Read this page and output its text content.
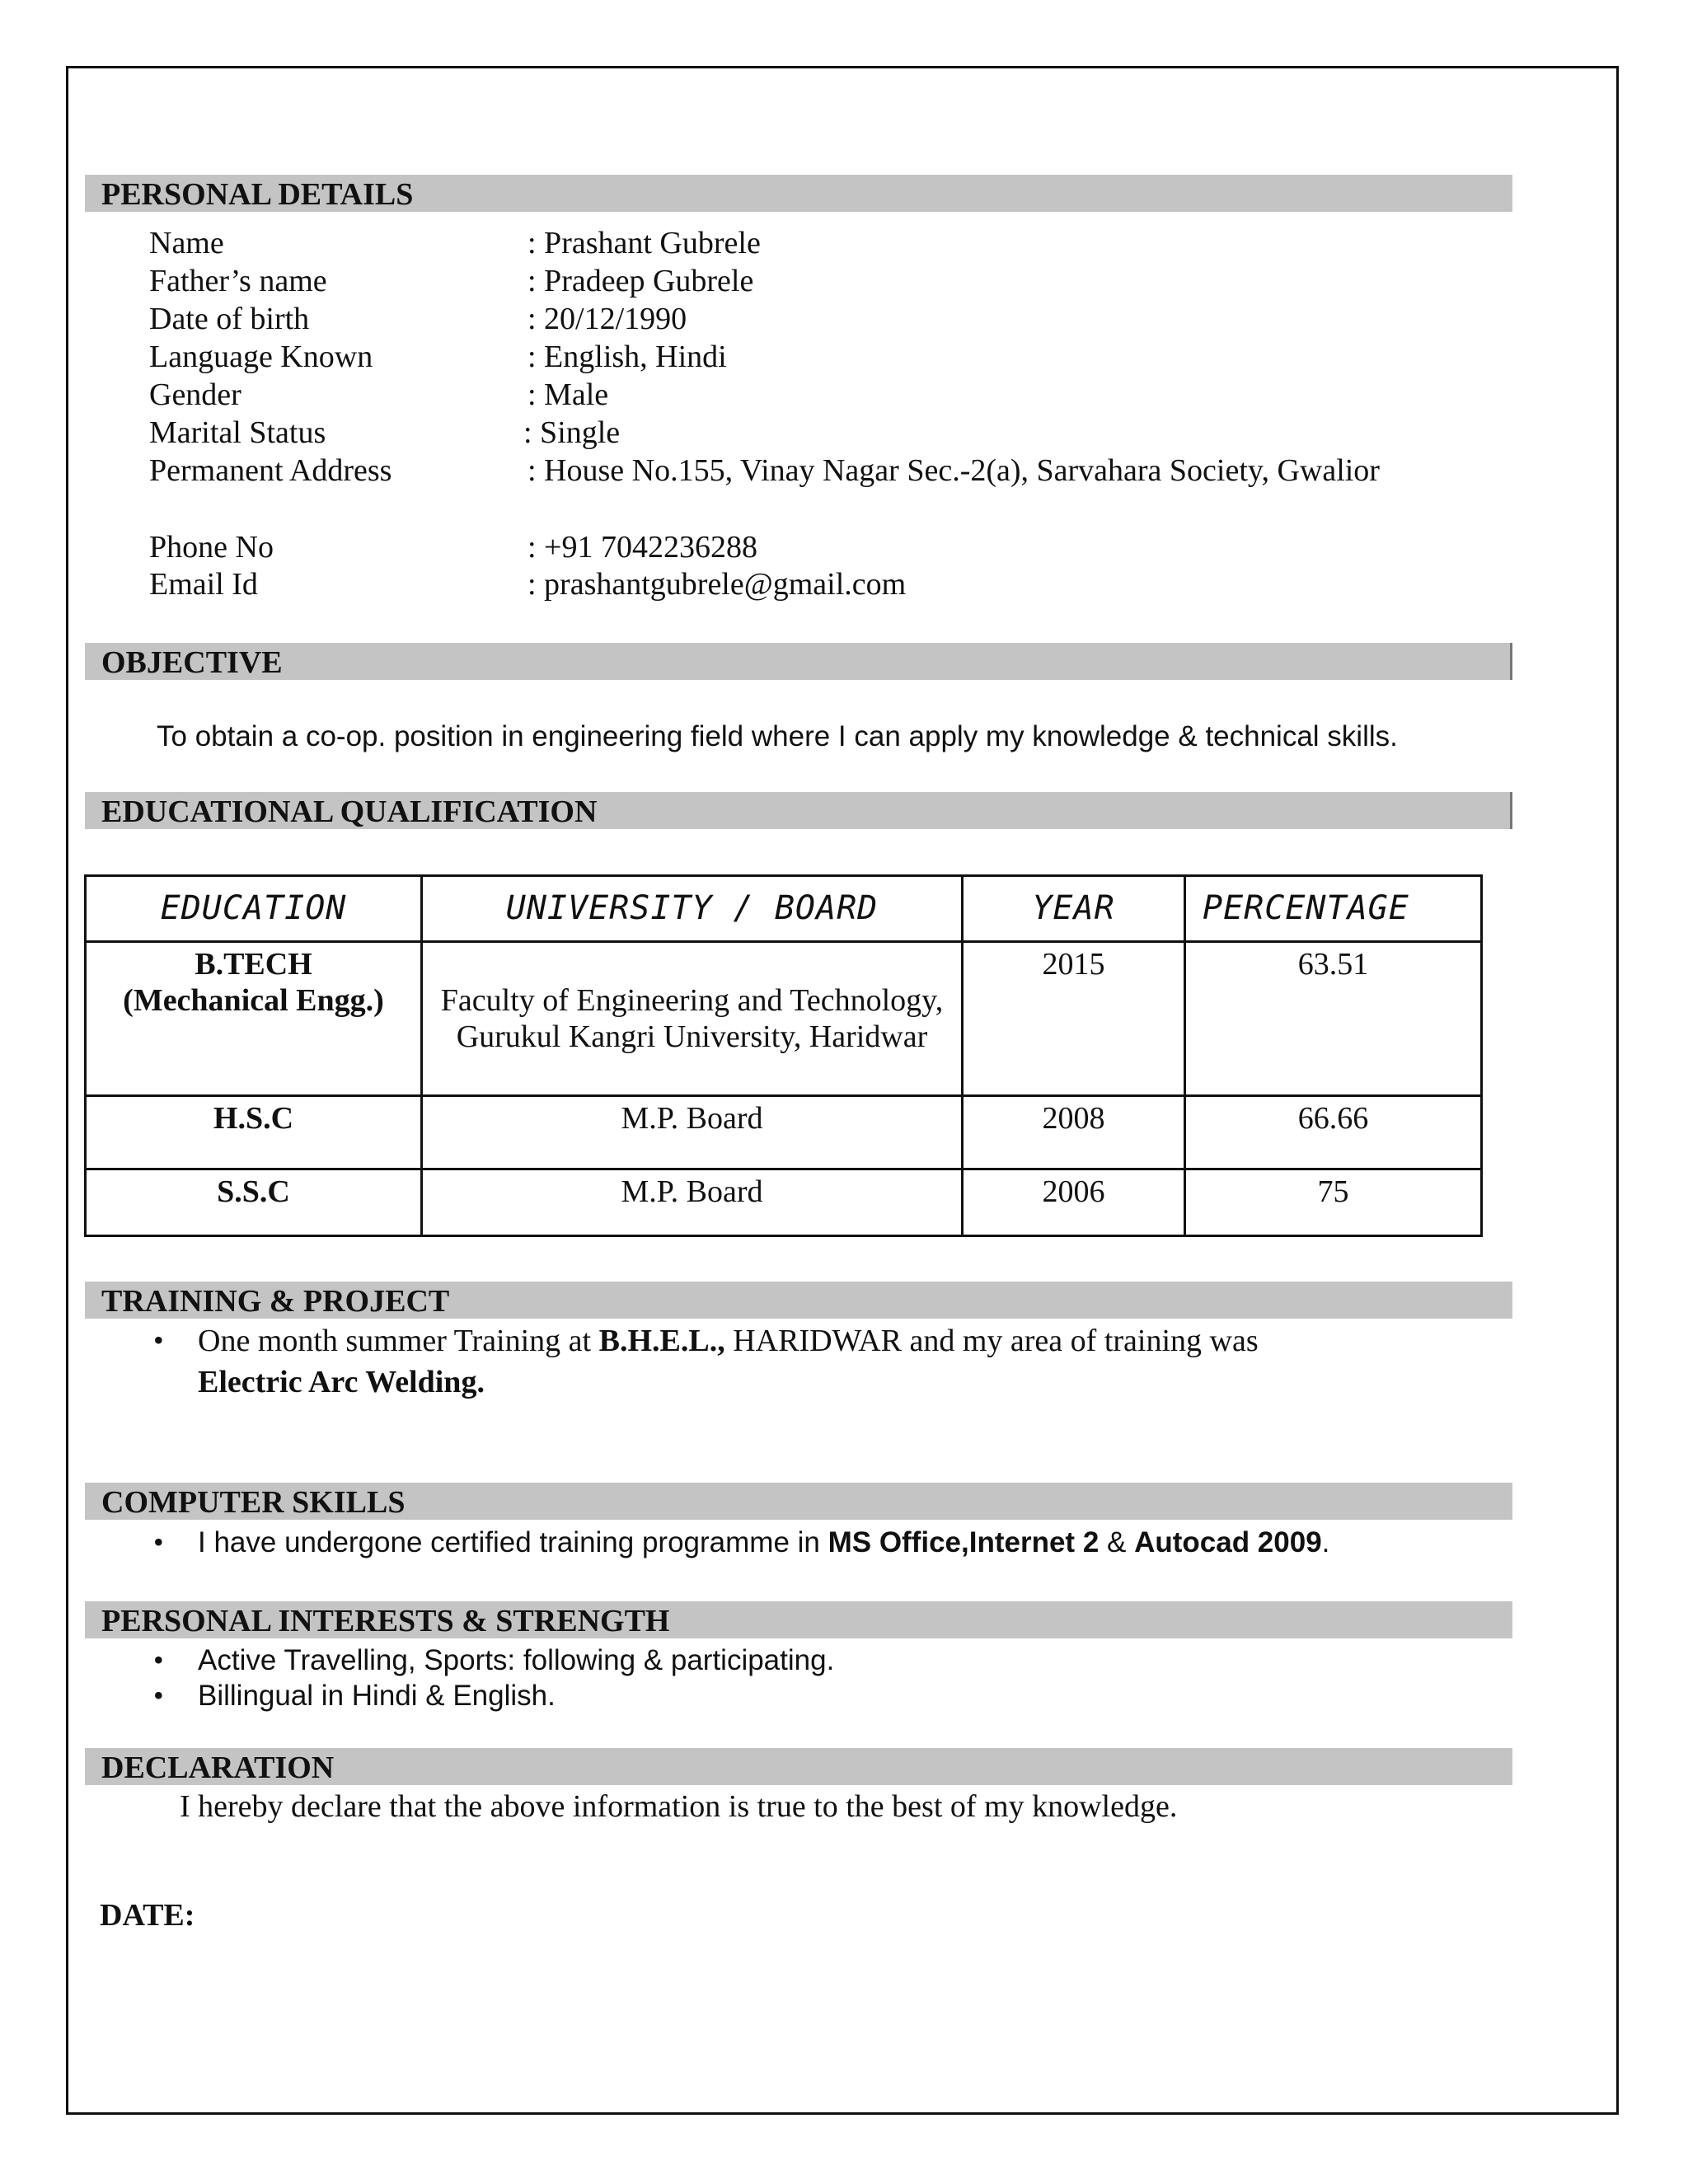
PERSONAL DETAILS
Name	: Prashant Gubrele
Father’s name	: Pradeep Gubrele
Date of birth	: 20/12/1990
Language Known	: English, Hindi
Gender	: Male
Marital Status	: Single
Permanent Address	: House No.155, Vinay Nagar Sec.-2(a), Sarvahara Society, Gwalior
Phone No	: +91 7042236288
Email Id	: prashantgubrele@gmail.com
OBJECTIVE
To obtain a co-op. position in engineering field where I can apply my knowledge & technical skills.
EDUCATIONAL QUALIFICATION
EDUCATION	UNIVERSITY / BOARD	YEAR	PERCENTAGE

B.TECH
(Mechanical Engg.)	Faculty of Engineering and Technology, Gurukul Kangri University, Haridwar	2015	63.51
H.S.C	M.P. Board	2008	66.66
S.S.C	M.P. Board	2006	75
TRAINING & PROJECT
• One month summer Training at B.H.E.L., HARIDWAR and my area of training was
Electric Arc Welding.
COMPUTER SKILLS
• I have undergone certified training programme in MS Office,Internet 2 & Autocad 2009.
PERSONAL INTERESTS & STRENGTH
• Active Travelling, Sports: following & participating.
• Billingual in Hindi & English.
DECLARATION
I hereby declare that the above information is true to the best of my knowledge.
DATE:
